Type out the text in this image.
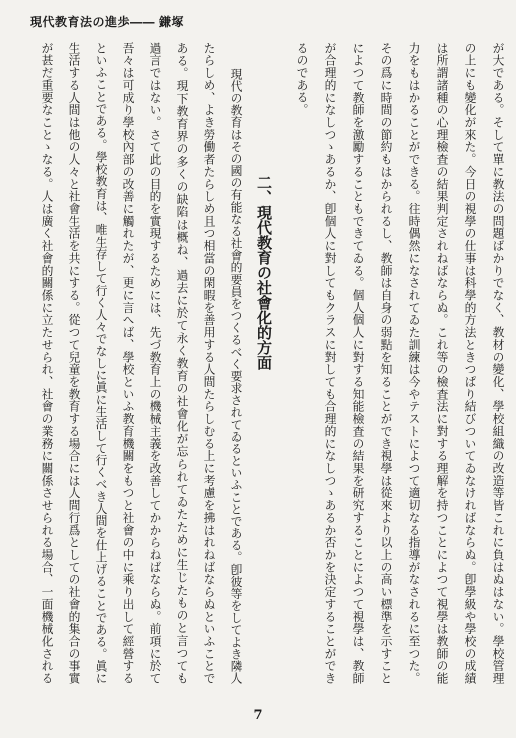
現代教育法の進歩―― 鎌塚
が大である。そして單に教法の問題ばかりでなく、教材の變化、學校組織の改造等皆これに負はぬはない。學校管理
の上にも變化が來た。今日の視學の仕事は科學的方法ときつぱり結びついてゐなければならぬ。卽學級や學校の成績
は所謂諸種の心理檢査の結果判定されねばならぬ。これ等の檢査法に對する理解を持つことによつて視學は教師の能
力をもはかることができる。往時偶然になされてゐた訓練は今やテストによつて適切なる指導がなされるに至つた。
その爲に時間の節約もはかられるし、教師は自身の弱點を知ることができ視學は從來より以上の高い標準を示すこと
によつて教師を激勵することもできてゐる。個人個人に對する知能檢査の結果を研究することによつて視學は、教師
が合理的になしつゝあるか、卽個人に對してもクラスに對しても合理的になしつゝあるか否かを決定することができ
るのである。
二、現代教育の社會化的方面
現代の教育はその國の有能なる社會的要員をつくるべく要求されてゐるといふことである。卽彼等をしてよき隣人
たらしめ、よき勞働者たらしめ且つ相當の閑暇を善用する人間たらしむる上に考慮を拂はれねばならぬといふことで
ある。現下教育界の多くの缺陷は概ね、過去に於て永く教育の社會化が忘られてゐたために生じたものと言つても
過言ではない。さて此の目的を實現するためには、先づ教育上の機械主義を改善してかからねばならぬ。前項に於て
吾々は可成り學校內部の改善に觸れたが、更に言へば、學校といふ教育機關をもつと社會の中に乘り出して經營する
といふことである。學校教育は、唯生存して行く人々でなしに眞に生活して行くべき人間を仕上げることである。眞に
生活する人間は他の人々と社會生活を共にする。從つて兒童を教育する場合には人間行爲としての社會的集合の事實
が甚だ重要なことゝなる。人は廣く社會的關係に立たせられ、社會の業務に關係させられる場合、一面機械化される
7
